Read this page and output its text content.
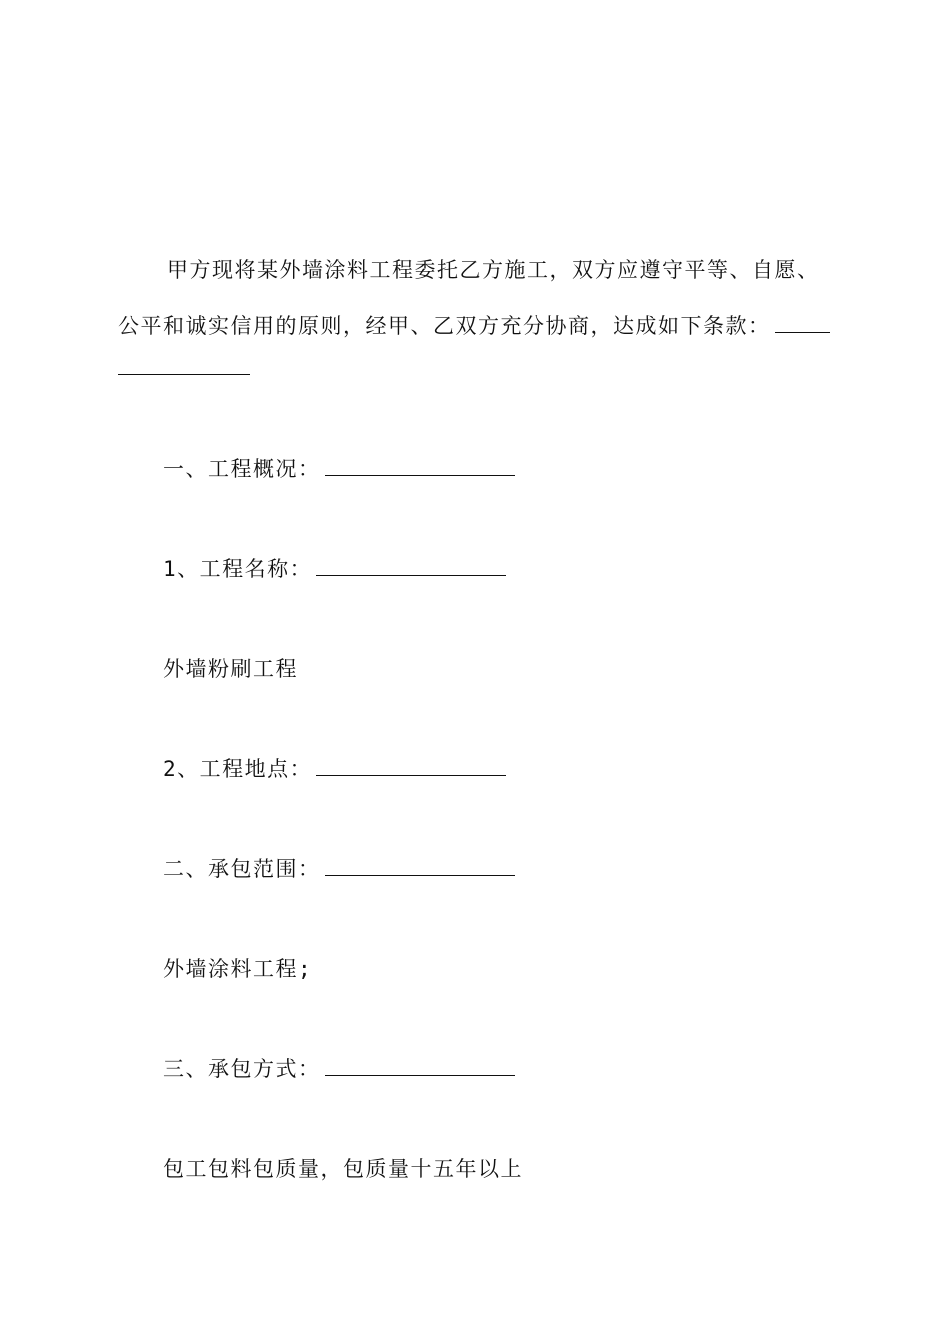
甲方现将某外墙涂料工程委托乙方施工，双方应遵守平等、自愿、
公平和诚实信用的原则，经甲、乙双方充分协商，达成如下条款：
一、工程概况：
1、工程名称：
外墙粉刷工程
2、工程地点：
二、承包范围：
外墙涂料工程;
三、承包方式：
包工包料包质量，包质量十五年以上
